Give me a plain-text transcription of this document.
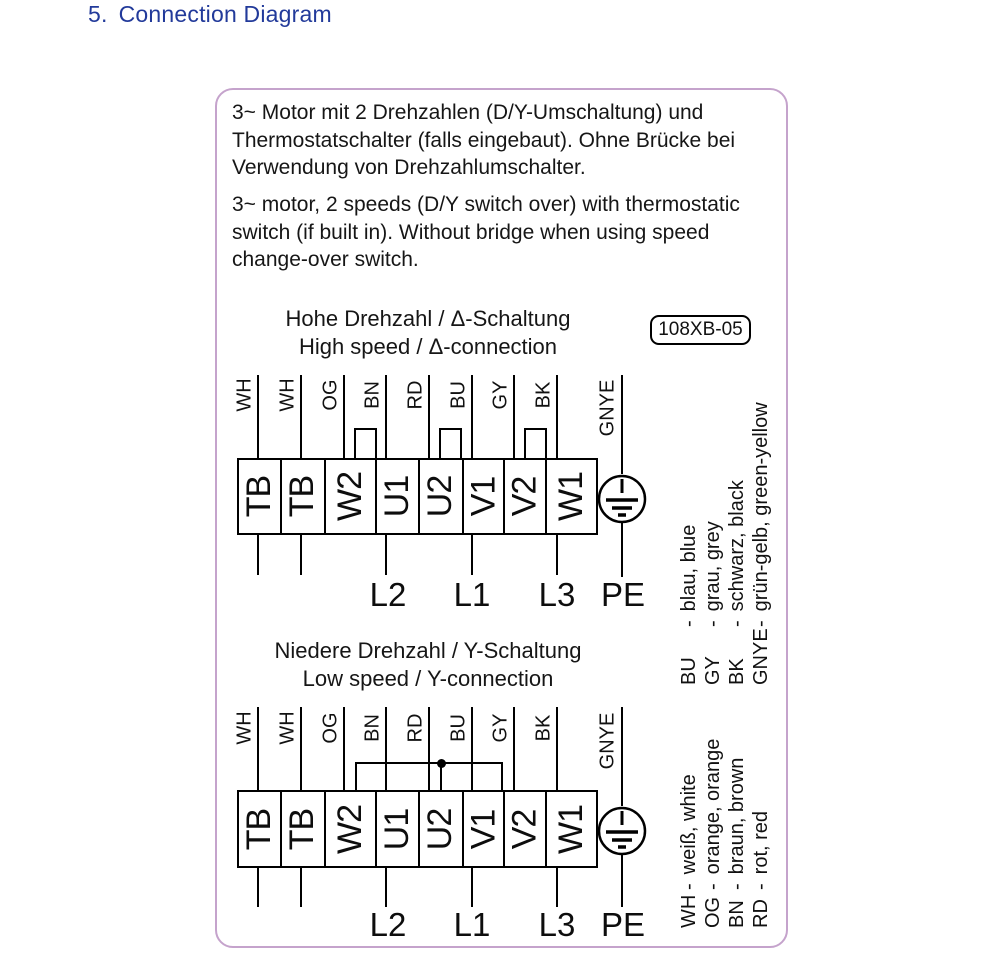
5. Connection Diagram

3~ Motor mit 2 Drehzahlen (D/Y-Umschaltung) und Thermostatschalter (falls eingebaut). Ohne Brücke bei Verwendung von Drehzahlumschalter.

3~ motor, 2 speeds (D/Y switch over) with thermostatic switch (if built in). Without bridge when using speed change-over switch.

Hohe Drehzahl / Δ-Schaltung
High speed / Δ-connection
108XB-05
WH WH OG BN RD BU GY BK GNYE
TB TB W2 U1 U2 V1 V2 W1
L2 L1 L3 PE
Niedere Drehzahl / Y-Schaltung
Low speed / Y-connection
WH WH OG BN RD BU GY BK GNYE
TB TB W2 U1 U2 V1 V2 W1
L2 L1 L3 PE
BU-blau, blue
GY-grau, grey
BK-schwarz, black
GNYE-grün-gelb, green-yellow
WH-weiß, white
OG-orange, orange
BN-braun, brown
RD-rot, red
